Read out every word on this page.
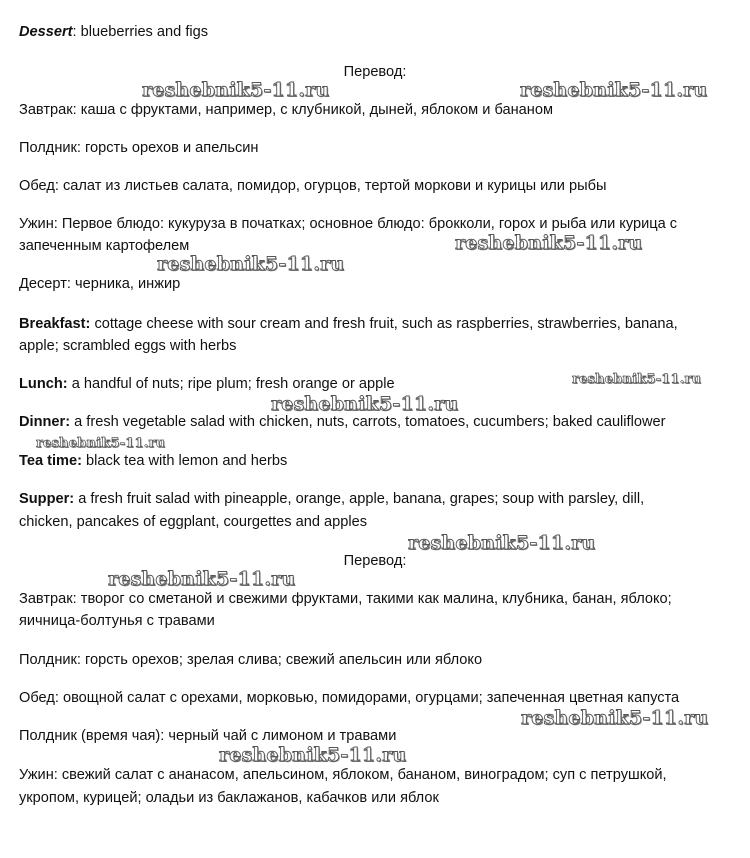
Dessert: blueberries and figs
Перевод:
Завтрак: каша с фруктами, например, с клубникой, дыней, яблоком и бананом
Полдник: горсть орехов и апельсин
Обед: салат из листьев салата, помидор, огурцов, тертой моркови и курицы или рыбы
Ужин: Первое блюдо: кукуруза в початках; основное блюдо: брокколи, горох и рыба или курица с
запеченным картофелем
Десерт: черника, инжир
Breakfast: cottage cheese with sour cream and fresh fruit, such as raspberries, strawberries, banana,
apple; scrambled eggs with herbs
Lunch: a handful of nuts; ripe plum; fresh orange or apple
Dinner: a fresh vegetable salad with chicken, nuts, carrots, tomatoes, cucumbers; baked cauliflower
Tea time: black tea with lemon and herbs
Supper: a fresh fruit salad with pineapple, orange, apple, banana, grapes; soup with parsley, dill,
chicken, pancakes of eggplant, courgettes and apples
Перевод:
Завтрак: творог со сметаной и свежими фруктами, такими как малина, клубника, банан, яблоко;
яичница-болтунья с травами
Полдник: горсть орехов; зрелая слива; свежий апельсин или яблоко
Обед: овощной салат с орехами, морковью, помидорами, огурцами; запеченная цветная капуста
Полдник (время чая): черный чай с лимоном и травами
Ужин: свежий салат с ананасом, апельсином, яблоком, бананом, виноградом; суп с петрушкой,
укропом, курицей; оладьи из баклажанов, кабачков или яблок
reshebnik5-11.ru	reshebnik5-11.ru
reshebnik5-11.ru
reshebnik5-11.ru
reshebnik5-11.ru
reshebnik5-11.ru
reshebnik5-11.ru
reshebnik5-11.ru
reshebnik5-11.ru
reshebnik5-11.ru
reshebnik5-11.ru
